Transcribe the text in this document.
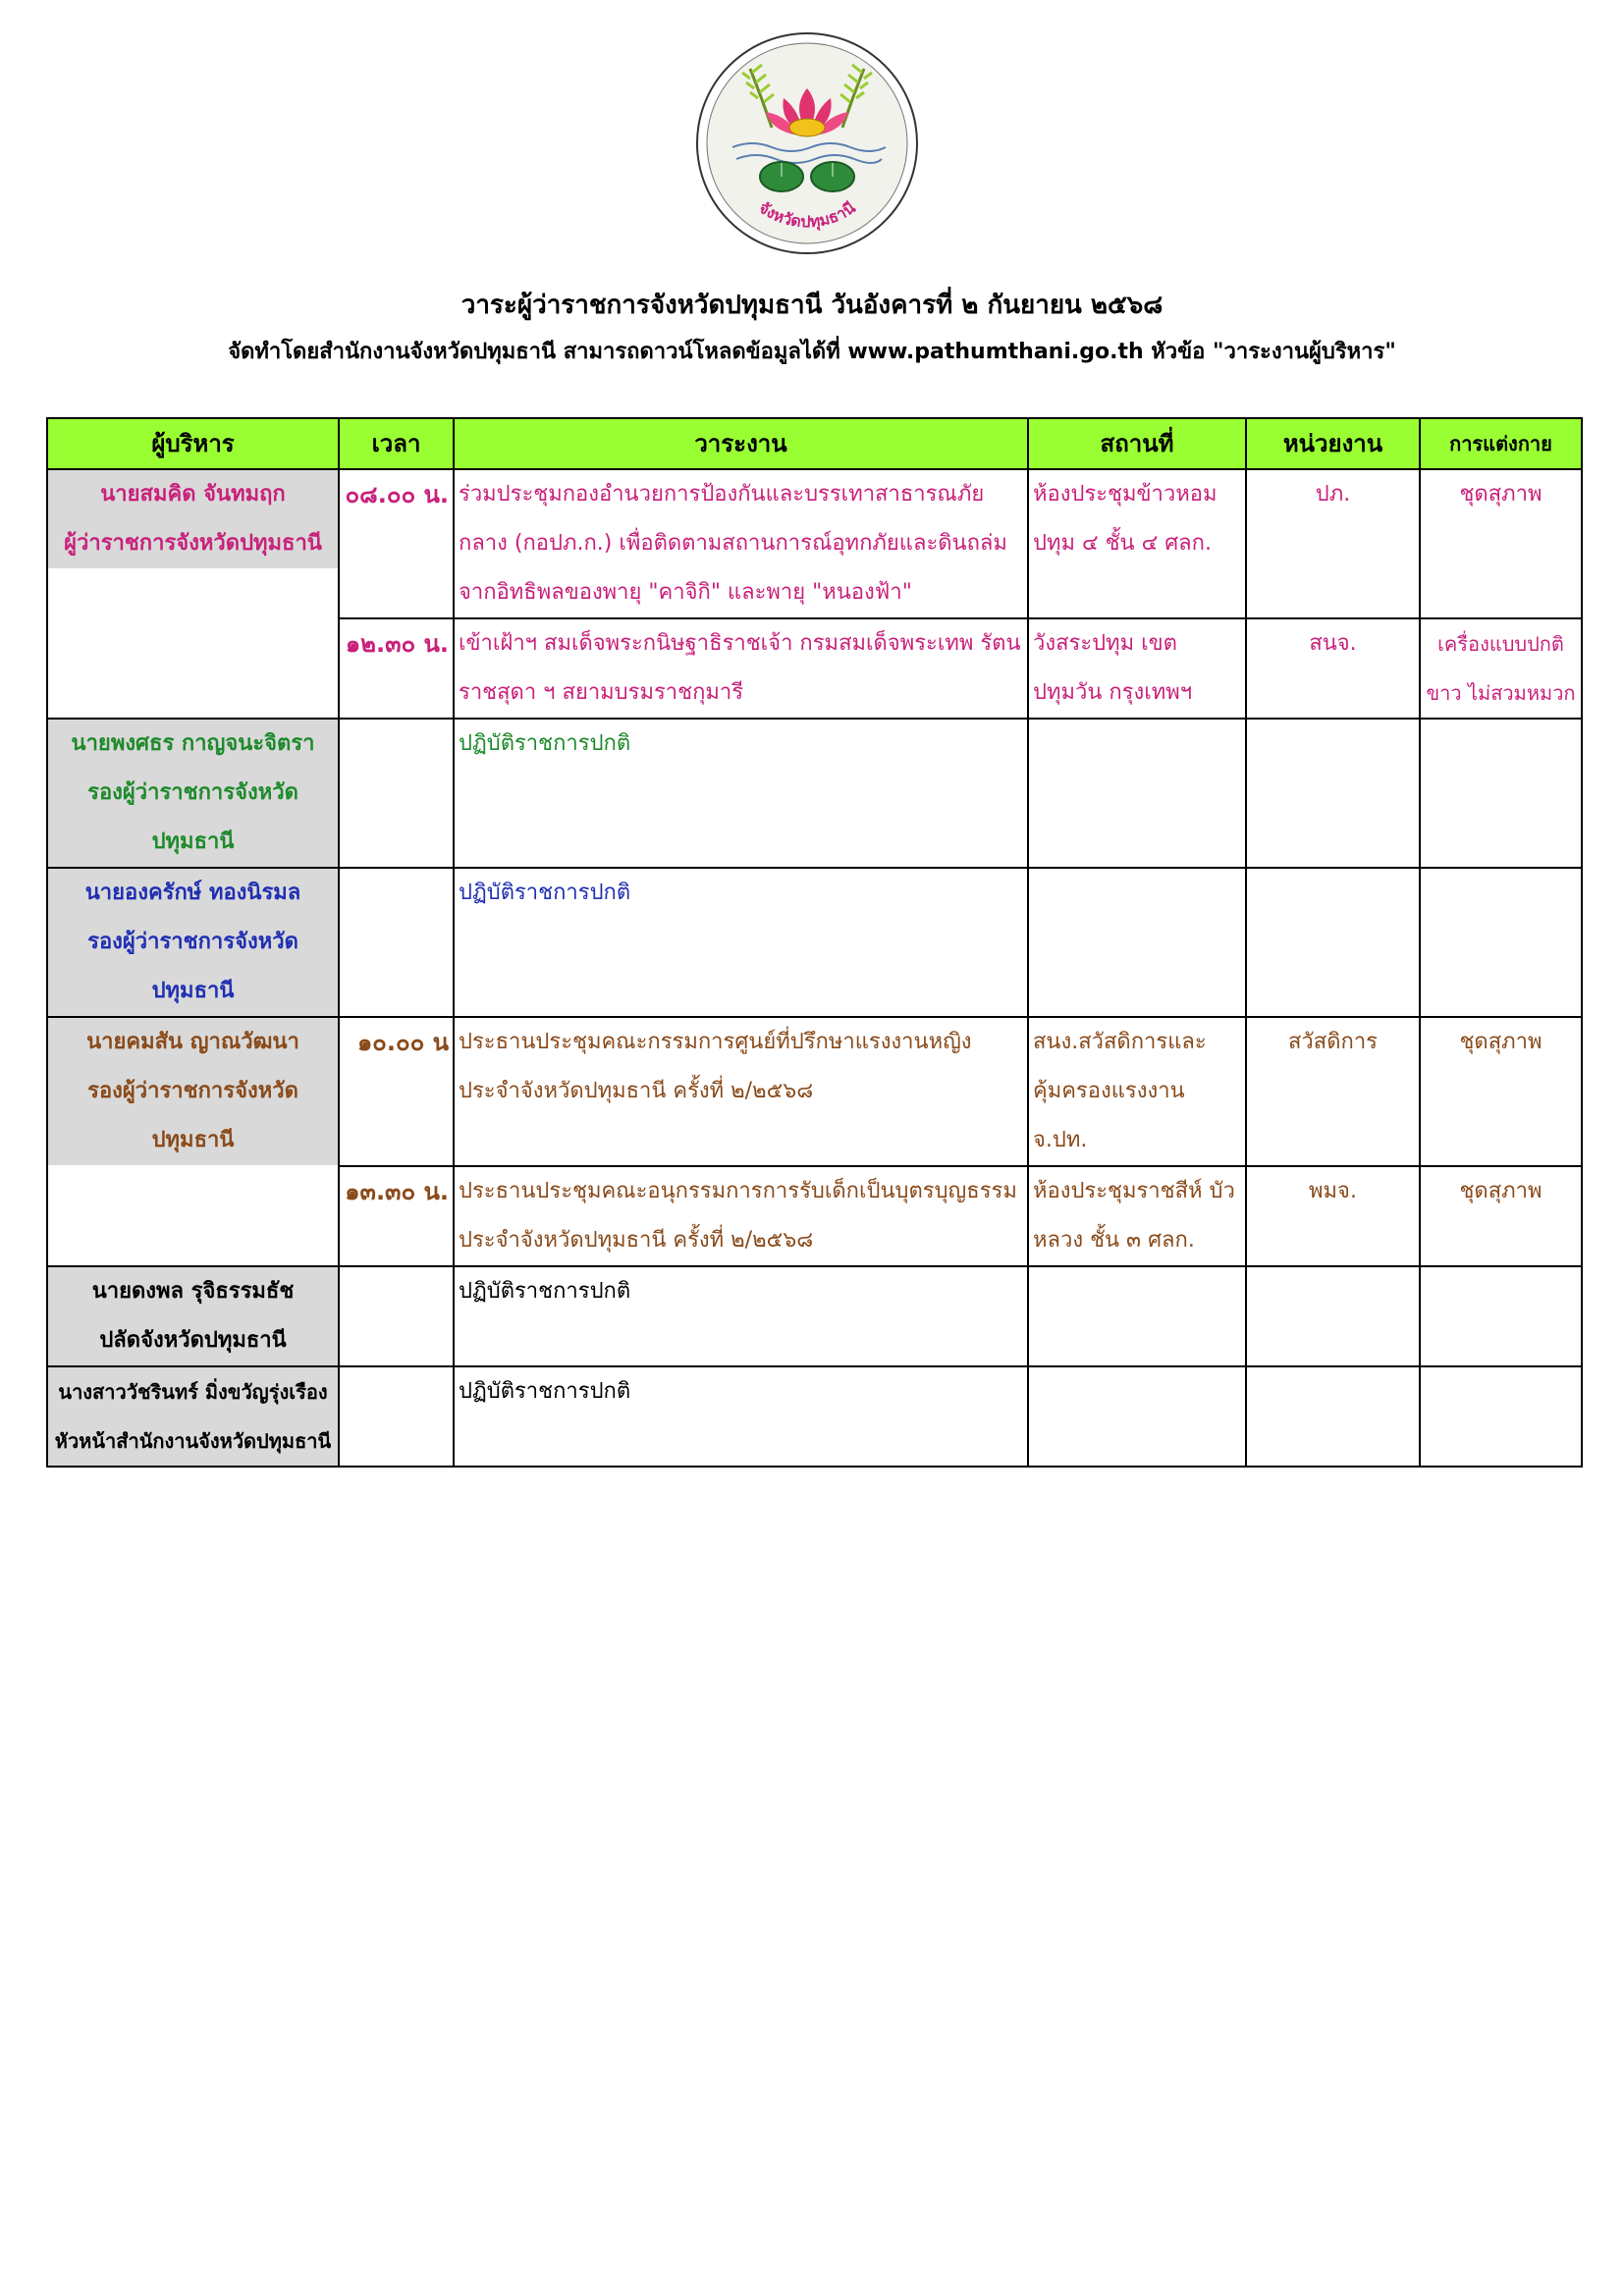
จังหวัดปทุมธานี
วาระผู้ว่าราชการจังหวัดปทุมธานี วันอังคารที่ ๒ กันยายน ๒๕๖๘
จัดทำโดยสำนักงานจังหวัดปทุมธานี สามารถดาวน์โหลดข้อมูลได้ที่ www.pathumthani.go.th หัวข้อ "วาระงานผู้บริหาร"
ผู้บริหาร	เวลา	วาระงาน	สถานที่	หน่วยงาน	การแต่งกาย

นายสมคิด จันทมฤก
ผู้ว่าราชการจังหวัดปทุมธานี	๐๘.๐๐ น.	ร่วมประชุมกองอำนวยการป้องกันและบรรเทาสาธารณภัย กลาง (กอปภ.ก.) เพื่อติดตามสถานการณ์อุทกภัยและดินถล่ม จากอิทธิพลของพายุ "คาจิกิ" และพายุ "หนองฟ้า"	ห้องประชุมข้าวหอม ปทุม ๔ ชั้น ๔ ศลก.	ปภ.	ชุดสุภาพ
	๑๒.๓๐ น.	เข้าเฝ้าฯ สมเด็จพระกนิษฐาธิราชเจ้า กรมสมเด็จพระเทพ รัตนราชสุดา ฯ สยามบรมราชกุมารี	วังสระปทุม เขตปทุมวัน กรุงเทพฯ	สนจ.	เครื่องแบบปกติขาว ไม่สวมหมวก

นายพงศธร กาญจนะจิตรา
รองผู้ว่าราชการจังหวัดปทุมธานี		ปฏิบัติราชการปกติ			

นายองครักษ์ ทองนิรมล
รองผู้ว่าราชการจังหวัดปทุมธานี		ปฏิบัติราชการปกติ			

นายคมสัน ญาณวัฒนา
รองผู้ว่าราชการจังหวัดปทุมธานี	๑๐.๐๐ น	ประธานประชุมคณะกรรมการศูนย์ที่ปรึกษาแรงงานหญิง ประจำจังหวัดปทุมธานี ครั้งที่ ๒/๒๕๖๘	สนง.สวัสดิการและ คุ้มครองแรงงาน จ.ปท.	สวัสดิการ	ชุดสุภาพ
	๑๓.๓๐ น.	ประธานประชุมคณะอนุกรรมการการรับเด็กเป็นบุตรบุญธรรม ประจำจังหวัดปทุมธานี ครั้งที่ ๒/๒๕๖๘	ห้องประชุมราชสีห์ บัวหลวง ชั้น ๓ ศลก.	พมจ.	ชุดสุภาพ

นายดงพล รุจิธรรมธัช
ปลัดจังหวัดปทุมธานี		ปฏิบัติราชการปกติ			

นางสาววัชรินทร์ มิ่งขวัญรุ่งเรือง
หัวหน้าสำนักงานจังหวัดปทุมธานี		ปฏิบัติราชการปกติ			
